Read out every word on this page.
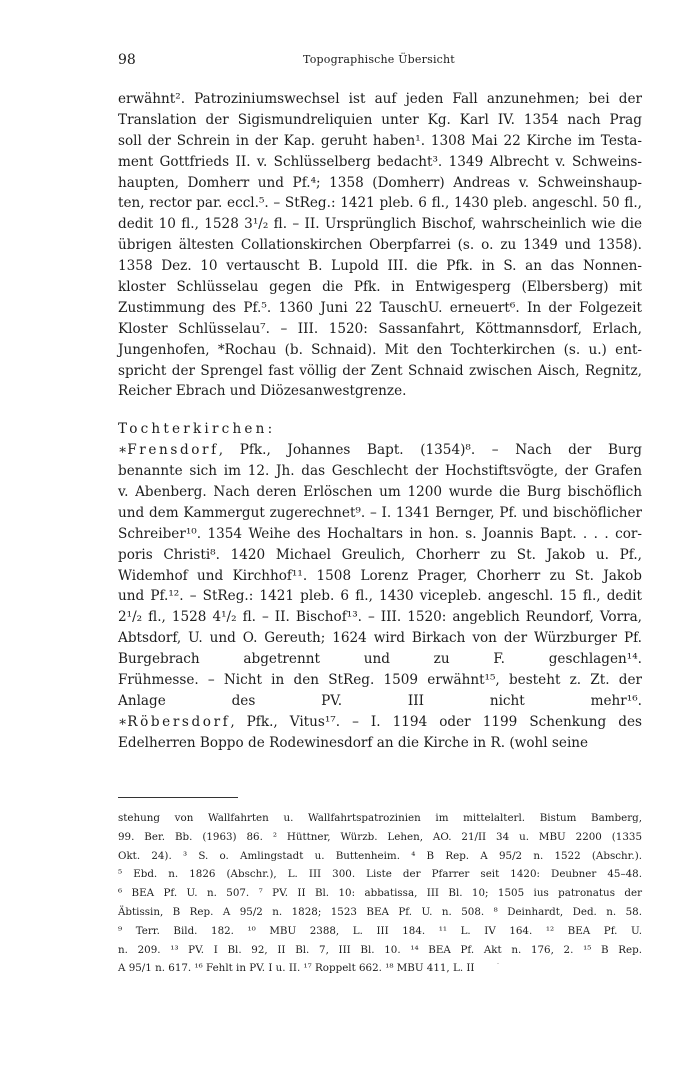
98	Topographische Übersicht
erwähnt². Patroziniumswechsel ist auf jeden Fall anzunehmen; bei der
Translation der Sigismundreliquien unter Kg. Karl IV. 1354 nach Prag
soll der Schrein in der Kap. geruht haben¹. 1308 Mai 22 Kirche im Testa-
ment Gottfrieds II. v. Schlüsselberg bedacht³. 1349 Albrecht v. Schweins-
haupten, Domherr und Pf.⁴; 1358 (Domherr) Andreas v. Schweinshaup-
ten, rector par. eccl.⁵. – StReg.: 1421 pleb. 6 fl., 1430 pleb. angeschl. 50 fl.,
dedit 10 fl., 1528 3¹/₂ fl. – II. Ursprünglich Bischof, wahrscheinlich wie die
übrigen ältesten Collationskirchen Oberpfarrei (s. o. zu 1349 und 1358).
1358 Dez. 10 vertauscht B. Lupold III. die Pfk. in S. an das Nonnen-
kloster Schlüsselau gegen die Pfk. in Entwigesperg (Elbersberg) mit
Zustimmung des Pf.⁵. 1360 Juni 22 TauschU. erneuert⁶. In der Folgezeit
Kloster Schlüsselau⁷. – III. 1520: Sassanfahrt, Köttmannsdorf, Erlach,
Jungenhofen, *Rochau (b. Schnaid). Mit den Tochterkirchen (s. u.) ent-
spricht der Sprengel fast völlig der Zent Schnaid zwischen Aisch, Regnitz,
Reicher Ebrach und Diözesanwestgrenze.
Tochterkirchen:
∗Frensdorf, Pfk., Johannes Bapt. (1354)⁸. – Nach der Burg
benannte sich im 12. Jh. das Geschlecht der Hochstiftsvögte, der Grafen
v. Abenberg. Nach deren Erlöschen um 1200 wurde die Burg bischöflich
und dem Kammergut zugerechnet⁹. – I. 1341 Bernger, Pf. und bischöflicher
Schreiber¹⁰. 1354 Weihe des Hochaltars in hon. s. Joannis Bapt. . . . cor-
poris Christi⁸. 1420 Michael Greulich, Chorherr zu St. Jakob u. Pf.,
Widemhof und Kirchhof¹¹. 1508 Lorenz Prager, Chorherr zu St. Jakob
und Pf.¹². – StReg.: 1421 pleb. 6 fl., 1430 vicepleb. angeschl. 15 fl., dedit
2¹/₂ fl., 1528 4¹/₂ fl. – II. Bischof¹³. – III. 1520: angeblich Reundorf, Vorra,
Abtsdorf, U. und O. Gereuth; 1624 wird Birkach von der Würzburger Pf.
Burgebrach abgetrennt und zu F. geschlagen¹⁴.
Frühmesse. – Nicht in den StReg. 1509 erwähnt¹⁵, besteht z. Zt. der
Anlage des PV. III nicht mehr¹⁶.
∗Röbersdorf, Pfk., Vitus¹⁷. – I. 1194 oder 1199 Schenkung des
Edelherren Boppo de Rodewinesdorf an die Kirche in R. (wohl seine
stehung von Wallfahrten u. Wallfahrtspatrozinien im mittelalterl. Bistum Bamberg,
99. Ber. Bb. (1963) 86. ² Hüttner, Würzb. Lehen, AO. 21/II 34 u. MBU 2200 (1335
Okt. 24). ³ S. o. Amlingstadt u. Buttenheim. ⁴ B Rep. A 95/2 n. 1522 (Abschr.).
⁵ Ebd. n. 1826 (Abschr.), L. III 300. Liste der Pfarrer seit 1420: Deubner 45–48.
⁶ BEA Pf. U. n. 507. ⁷ PV. II Bl. 10: abbatissa, III Bl. 10; 1505 ius patronatus der
Äbtissin, B Rep. A 95/2 n. 1828; 1523 BEA Pf. U. n. 508. ⁸ Deinhardt, Ded. n. 58.
⁹ Terr. Bild. 182. ¹⁰ MBU 2388, L. III 184. ¹¹ L. IV 164. ¹² BEA Pf. U.
n. 209. ¹³ PV. I Bl. 92, II Bl. 7, III Bl. 10. ¹⁴ BEA Pf. Akt n. 176, 2. ¹⁵ B Rep.
A 95/1 n. 617. ¹⁶ Fehlt in PV. I u. II. ¹⁷ Roppelt 662. ¹⁸ MBU 411, L. II
